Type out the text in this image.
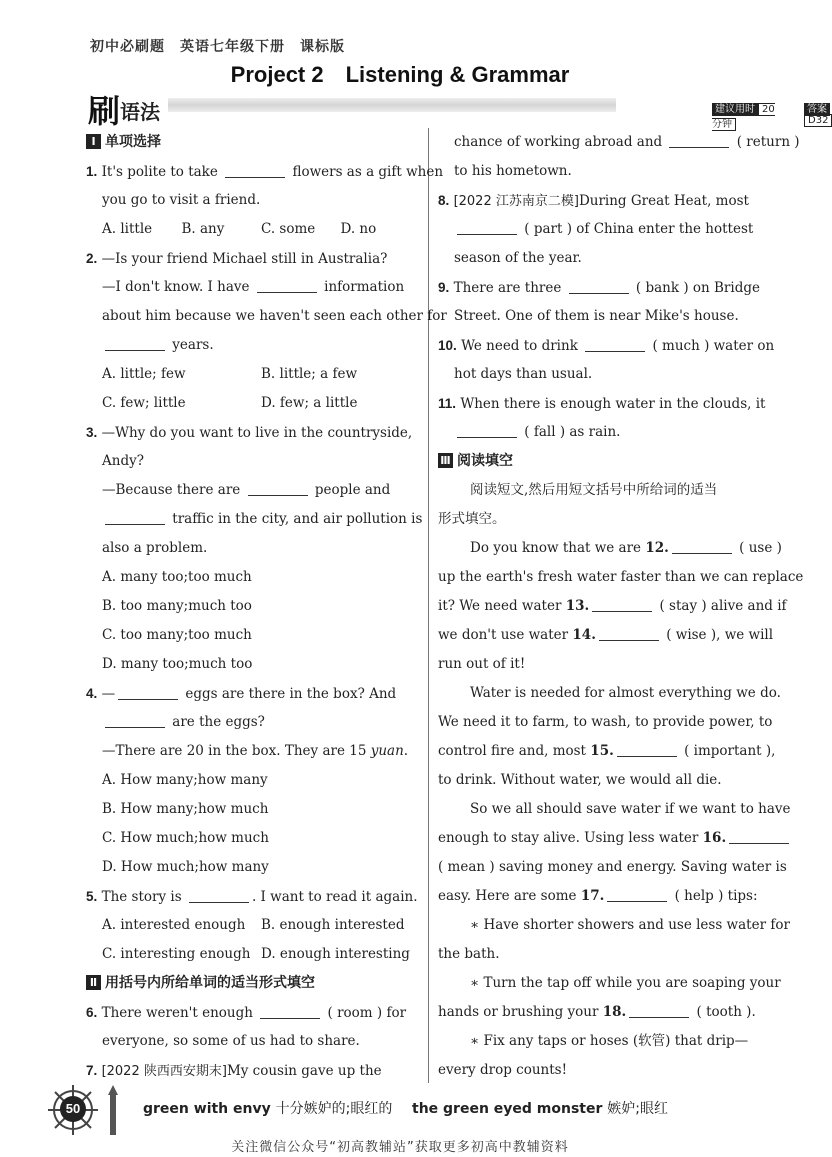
初中必刷题　英语七年级下册　课标版
Project 2　Listening & Grammar
刷 语法	建议用时 20 分钟
答案D32
Ⅰ 单项选择
1. It's polite to take	flowers as a gift when
you go to visit a friend.
A. little	B. any	C. some	D. no
2. —Is your friend Michael still in Australia?
—I don't know. I have	information
about him because we haven't seen each other for
years.
A. little; few	B. little; a few
C. few; little	D. few; a little
3. —Why do you want to live in the countryside,
Andy?
—Because there are	people and
traffic in the city, and air pollution is
also a problem.
A. many too;too much
B. too many;much too
C. too many;too much
D. many too;much too
4. —	eggs are there in the box? And
are the eggs?
—There are 20 in the box. They are 15 yuan.
A. How many;how many
B. How many;how much
C. How much;how much
D. How much;how many
5. The story is	. I want to read it again.
A. interested enough	B. enough interested
C. interesting enough D. enough interesting
Ⅱ 用括号内所给单词的适当形式填空
6. There weren't enough	( room ) for
everyone, so some of us had to share.
7. [2022 陕西西安期末]My cousin gave up the
chance of working abroad and	( return )
to his hometown.
8. [2022 江苏南京二模]During Great Heat, most
( part ) of China enter the hottest
season of the year.
9. There are three	( bank ) on Bridge
Street. One of them is near Mike's house.
10. We need to drink	( much ) water on
hot days than usual.
11. When there is enough water in the clouds, it
( fall ) as rain.
Ⅲ 阅读填空
阅读短文,然后用短文括号中所给词的适当
形式填空。
Do you know that we are 12.	( use )
up the earth's fresh water faster than we can replace
it? We need water 13.	( stay ) alive and if
we don't use water 14.	( wise ), we will
run out of it!
Water is needed for almost everything we do.
We need it to farm, to wash, to provide power, to
control fire and, most 15.	( important ),
to drink. Without water, we would all die.
So we all should save water if we want to have
enough to stay alive. Using less water 16.
( mean ) saving money and energy. Saving water is
easy. Here are some 17.	( help ) tips:
∗ Have shorter showers and use less water for
the bath.
∗ Turn the tap off while you are soaping your
hands or brushing your 18.	( tooth ).
∗ Fix any taps or hoses (软管) that drip—
every drop counts!
50	green with envy 十分嫉妒的;眼红的 the green eyed monster 嫉妒;眼红
关注微信公众号“初高教辅站”获取更多初高中教辅资料
